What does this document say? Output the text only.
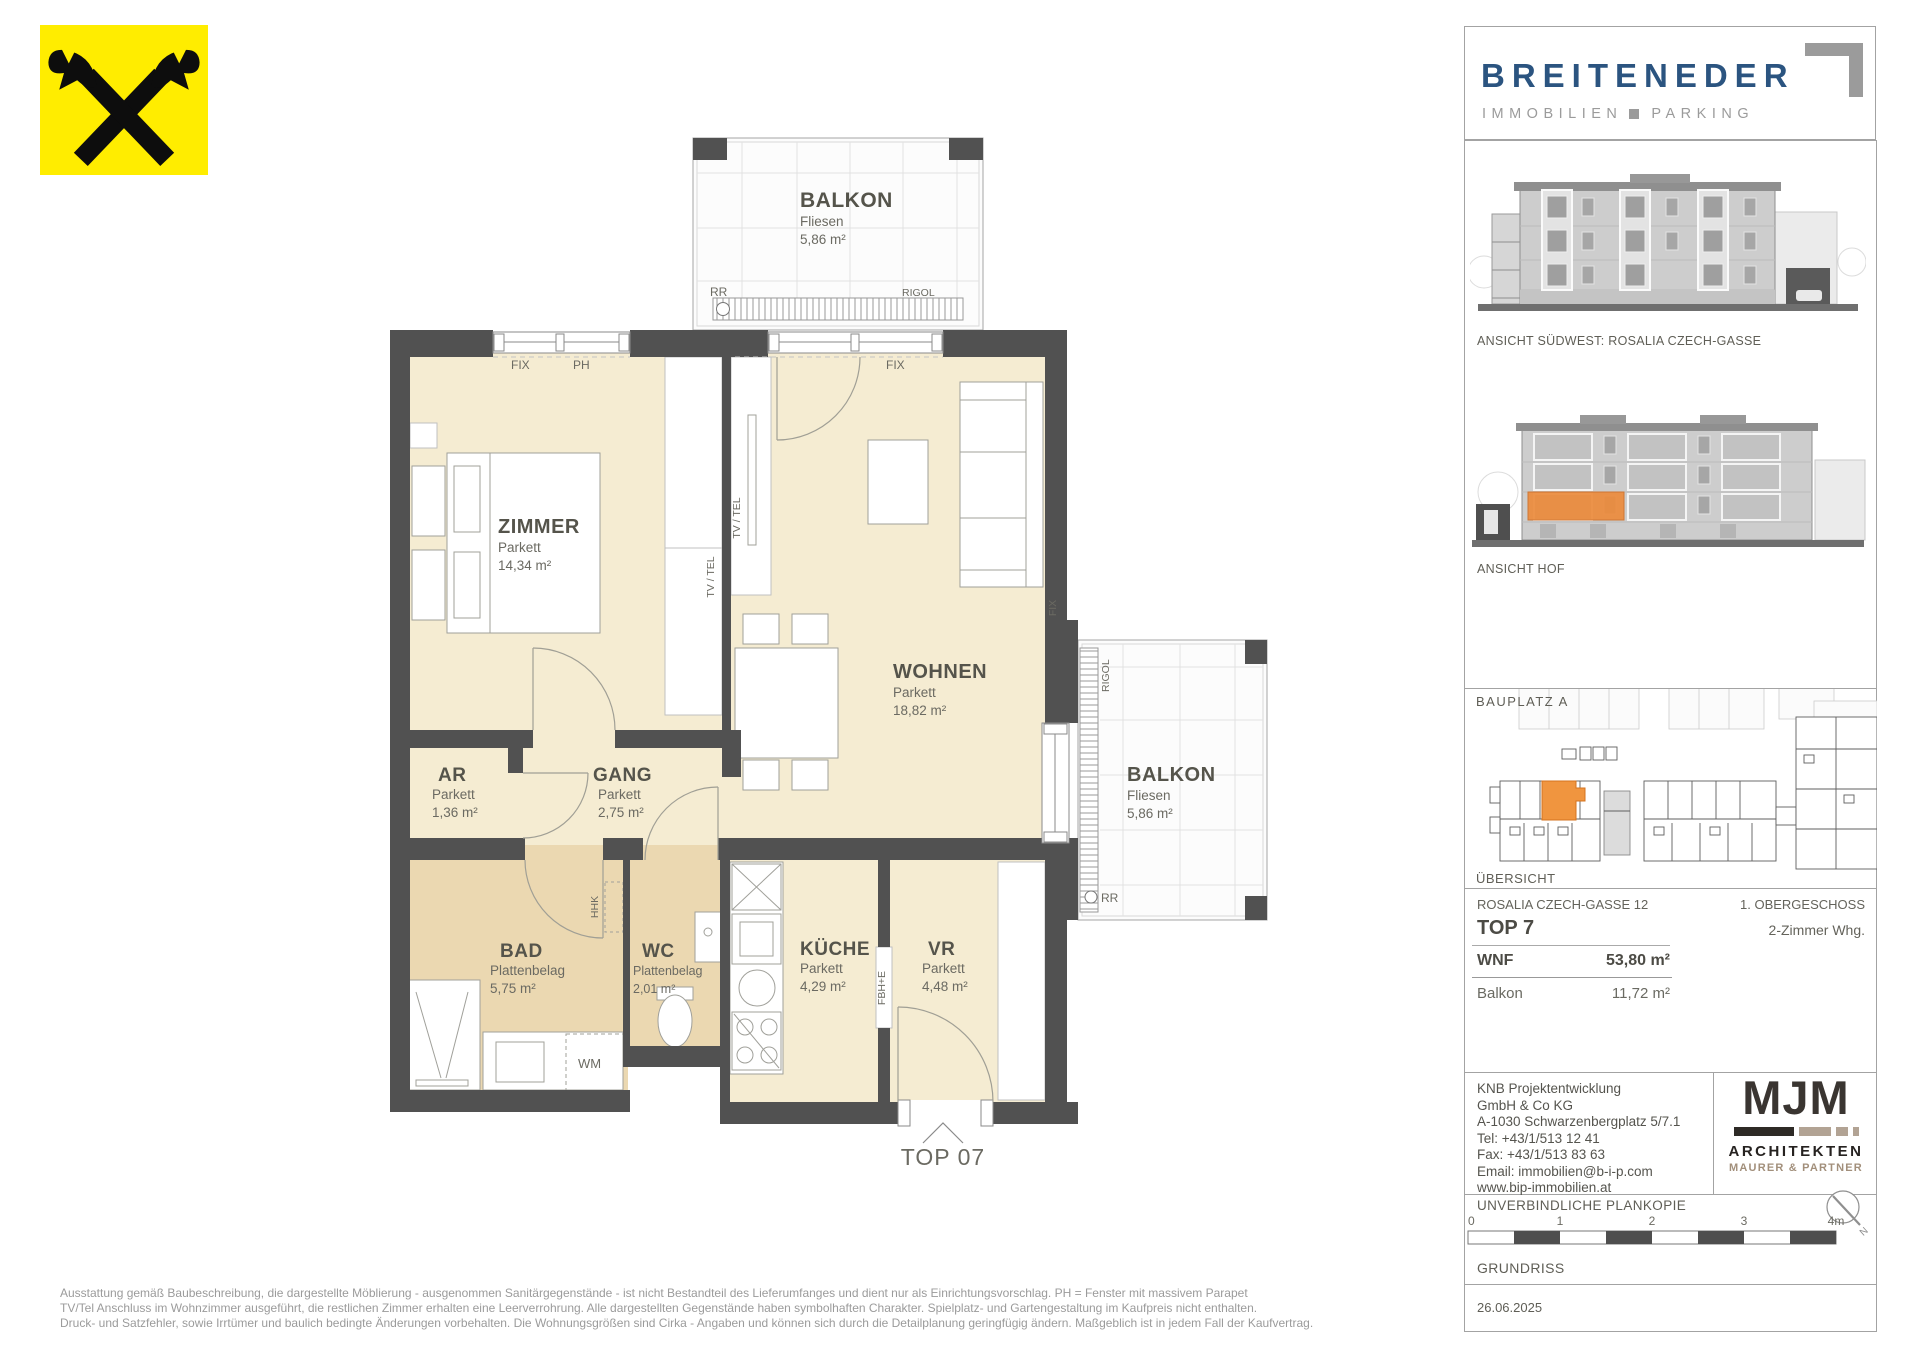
RR	RIGOL
BALKON
Fliesen
5,86 m²
RR
RIGOL
BALKON
Fliesen
5,86 m²
WM
HHK
ZIMMER
Parkett
14,34 m²
WOHNEN
Parkett
18,82 m²
AR
Parkett
1,36 m²
GANG
Parkett
2,75 m²
BAD
Plattenbelag
5,75 m²
WC
Plattenbelag
2,01 m²
KÜCHE
Parkett
4,29 m²
VR
Parkett
4,48 m²
FIX	PH	FIX
FIX
TV / TEL
TV / TEL
FBH+E
TOP 07
BREITENEDER
IMMOBILIEN PARKING
ANSICHT SÜDWEST: ROSALIA CZECH-GASSE
ANSICHT HOF
BAUPLATZ A
ÜBERSICHT
ROSALIA CZECH-GASSE 12	1. OBERGESCHOSS
TOP 7	2-Zimmer Whg.
WNF	53,80 m²
Balkon	11,72 m²
KNB Projektentwicklung
GmbH & Co KG
A-1030 Schwarzenbergplatz 5/7.1
Tel: +43/1/513 12 41
Fax: +43/1/513 83 63
Email: immobilien@b-i-p.com
www.bip-immobilien.at
MJM
ARCHITEKTEN
MAURER & PARTNER
UNVERBINDLICHE PLANKOPIE
N
0	1	2	3	4m
GRUNDRISS
26.06.2025
Ausstattung gemäß Baubeschreibung, die dargestellte Möblierung - ausgenommen Sanitärgegenstände - ist nicht Bestandteil des Lieferumfanges und dient nur als Einrichtungsvorschlag. PH = Fenster mit massivem Parapet
TV/Tel Anschluss im Wohnzimmer ausgeführt, die restlichen Zimmer erhalten eine Leerverrohrung. Alle dargestellten Gegenstände haben symbolhaften Charakter. Spielplatz- und Gartengestaltung im Kaufpreis nicht enthalten.
Druck- und Satzfehler, sowie Irrtümer und baulich bedingte Änderungen vorbehalten. Die Wohnungsgrößen sind Cirka - Angaben und können sich durch die Detailplanung geringfügig ändern. Maßgeblich ist in jedem Fall der Kaufvertrag.
